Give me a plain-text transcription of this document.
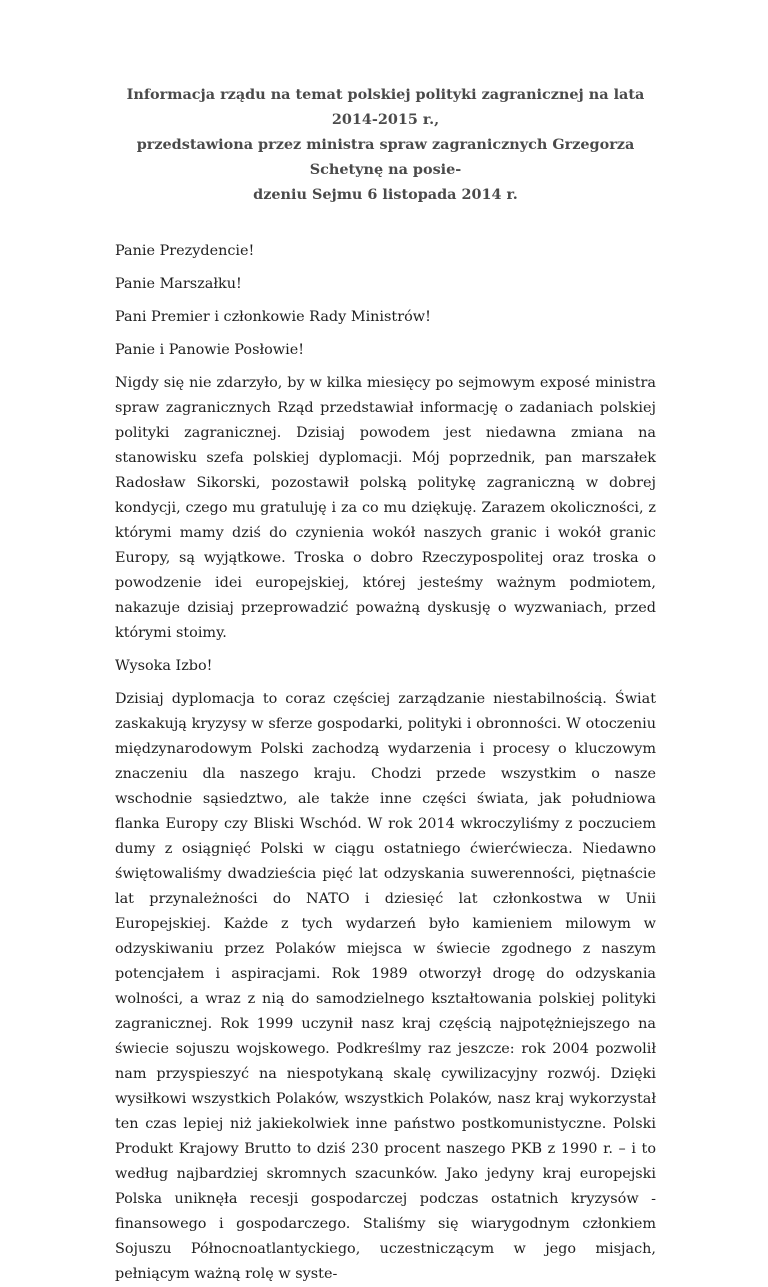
Informacja rządu na temat polskiej polityki zagranicznej na lata 2014-2015 r.,
przedstawiona przez ministra spraw zagranicznych Grzegorza Schetynę na posie-
dzeniu Sejmu 6 listopada 2014 r.

Panie Prezydencie!

Panie Marszałku!

Pani Premier i członkowie Rady Ministrów!

Panie i Panowie Posłowie!

Nigdy się nie zdarzyło, by w kilka miesięcy po sejmowym exposé ministra spraw zagranicznych Rząd przedstawiał informację o zadaniach polskiej polityki zagranicznej. Dzisiaj powodem jest niedawna zmiana na stanowisku szefa polskiej dyplomacji. Mój poprzednik, pan marszałek Radosław Sikorski, pozostawił polską politykę zagraniczną w dobrej kondycji, czego mu gratuluję i za co mu dziękuję. Zarazem okoliczności, z którymi mamy dziś do czynienia wokół naszych granic i wokół granic Europy, są wyjątkowe. Troska o dobro Rzeczypospolitej oraz troska o powodzenie idei europejskiej, której jesteśmy ważnym podmiotem, nakazuje dzisiaj przeprowadzić poważną dyskusję o wyzwaniach, przed którymi stoimy.

Wysoka Izbo!

Dzisiaj dyplomacja to coraz częściej zarządzanie niestabilnością. Świat zaskakują kryzysy w sferze gospodarki, polityki i obronności. W otoczeniu międzynarodowym Polski zachodzą wydarzenia i procesy o kluczowym znaczeniu dla naszego kraju. Chodzi przede wszystkim o nasze wschodnie sąsiedztwo, ale także inne części świata, jak południowa flanka Europy czy Bliski Wschód. W rok 2014 wkroczyliśmy z poczuciem dumy z osiągnięć Polski w ciągu ostatniego ćwierćwiecza. Niedawno świętowaliśmy dwadzieścia pięć lat odzyskania suwerenności, piętnaście lat przynależności do NATO i dziesięć lat członkostwa w Unii Europejskiej. Każde z tych wydarzeń było kamieniem milowym w odzyskiwaniu przez Polaków miejsca w świecie zgodnego z naszym potencjałem i aspiracjami. Rok 1989 otworzył drogę do odzyskania wolności, a wraz z nią do samodzielnego kształtowania polskiej polityki zagranicznej. Rok 1999 uczynił nasz kraj częścią najpotężniejszego na świecie sojuszu wojskowego. Podkreślmy raz jeszcze: rok 2004 pozwolił nam przyspieszyć na niespotykaną skalę cywilizacyjny rozwój. Dzięki wysiłkowi wszystkich Polaków, wszystkich Polaków, nasz kraj wykorzystał ten czas lepiej niż jakiekolwiek inne państwo postkomunistyczne. Polski Produkt Krajowy Brutto to dziś 230 procent naszego PKB z 1990 r. – i to według najbardziej skromnych szacunków. Jako jedyny kraj europejski Polska uniknęła recesji gospodarczej podczas ostatnich kryzysów - finansowego i gospodarczego. Staliśmy się wiarygodnym członkiem Sojuszu Północnoatlantyckiego, uczestniczącym w jego misjach, pełniącym ważną rolę w syste-
